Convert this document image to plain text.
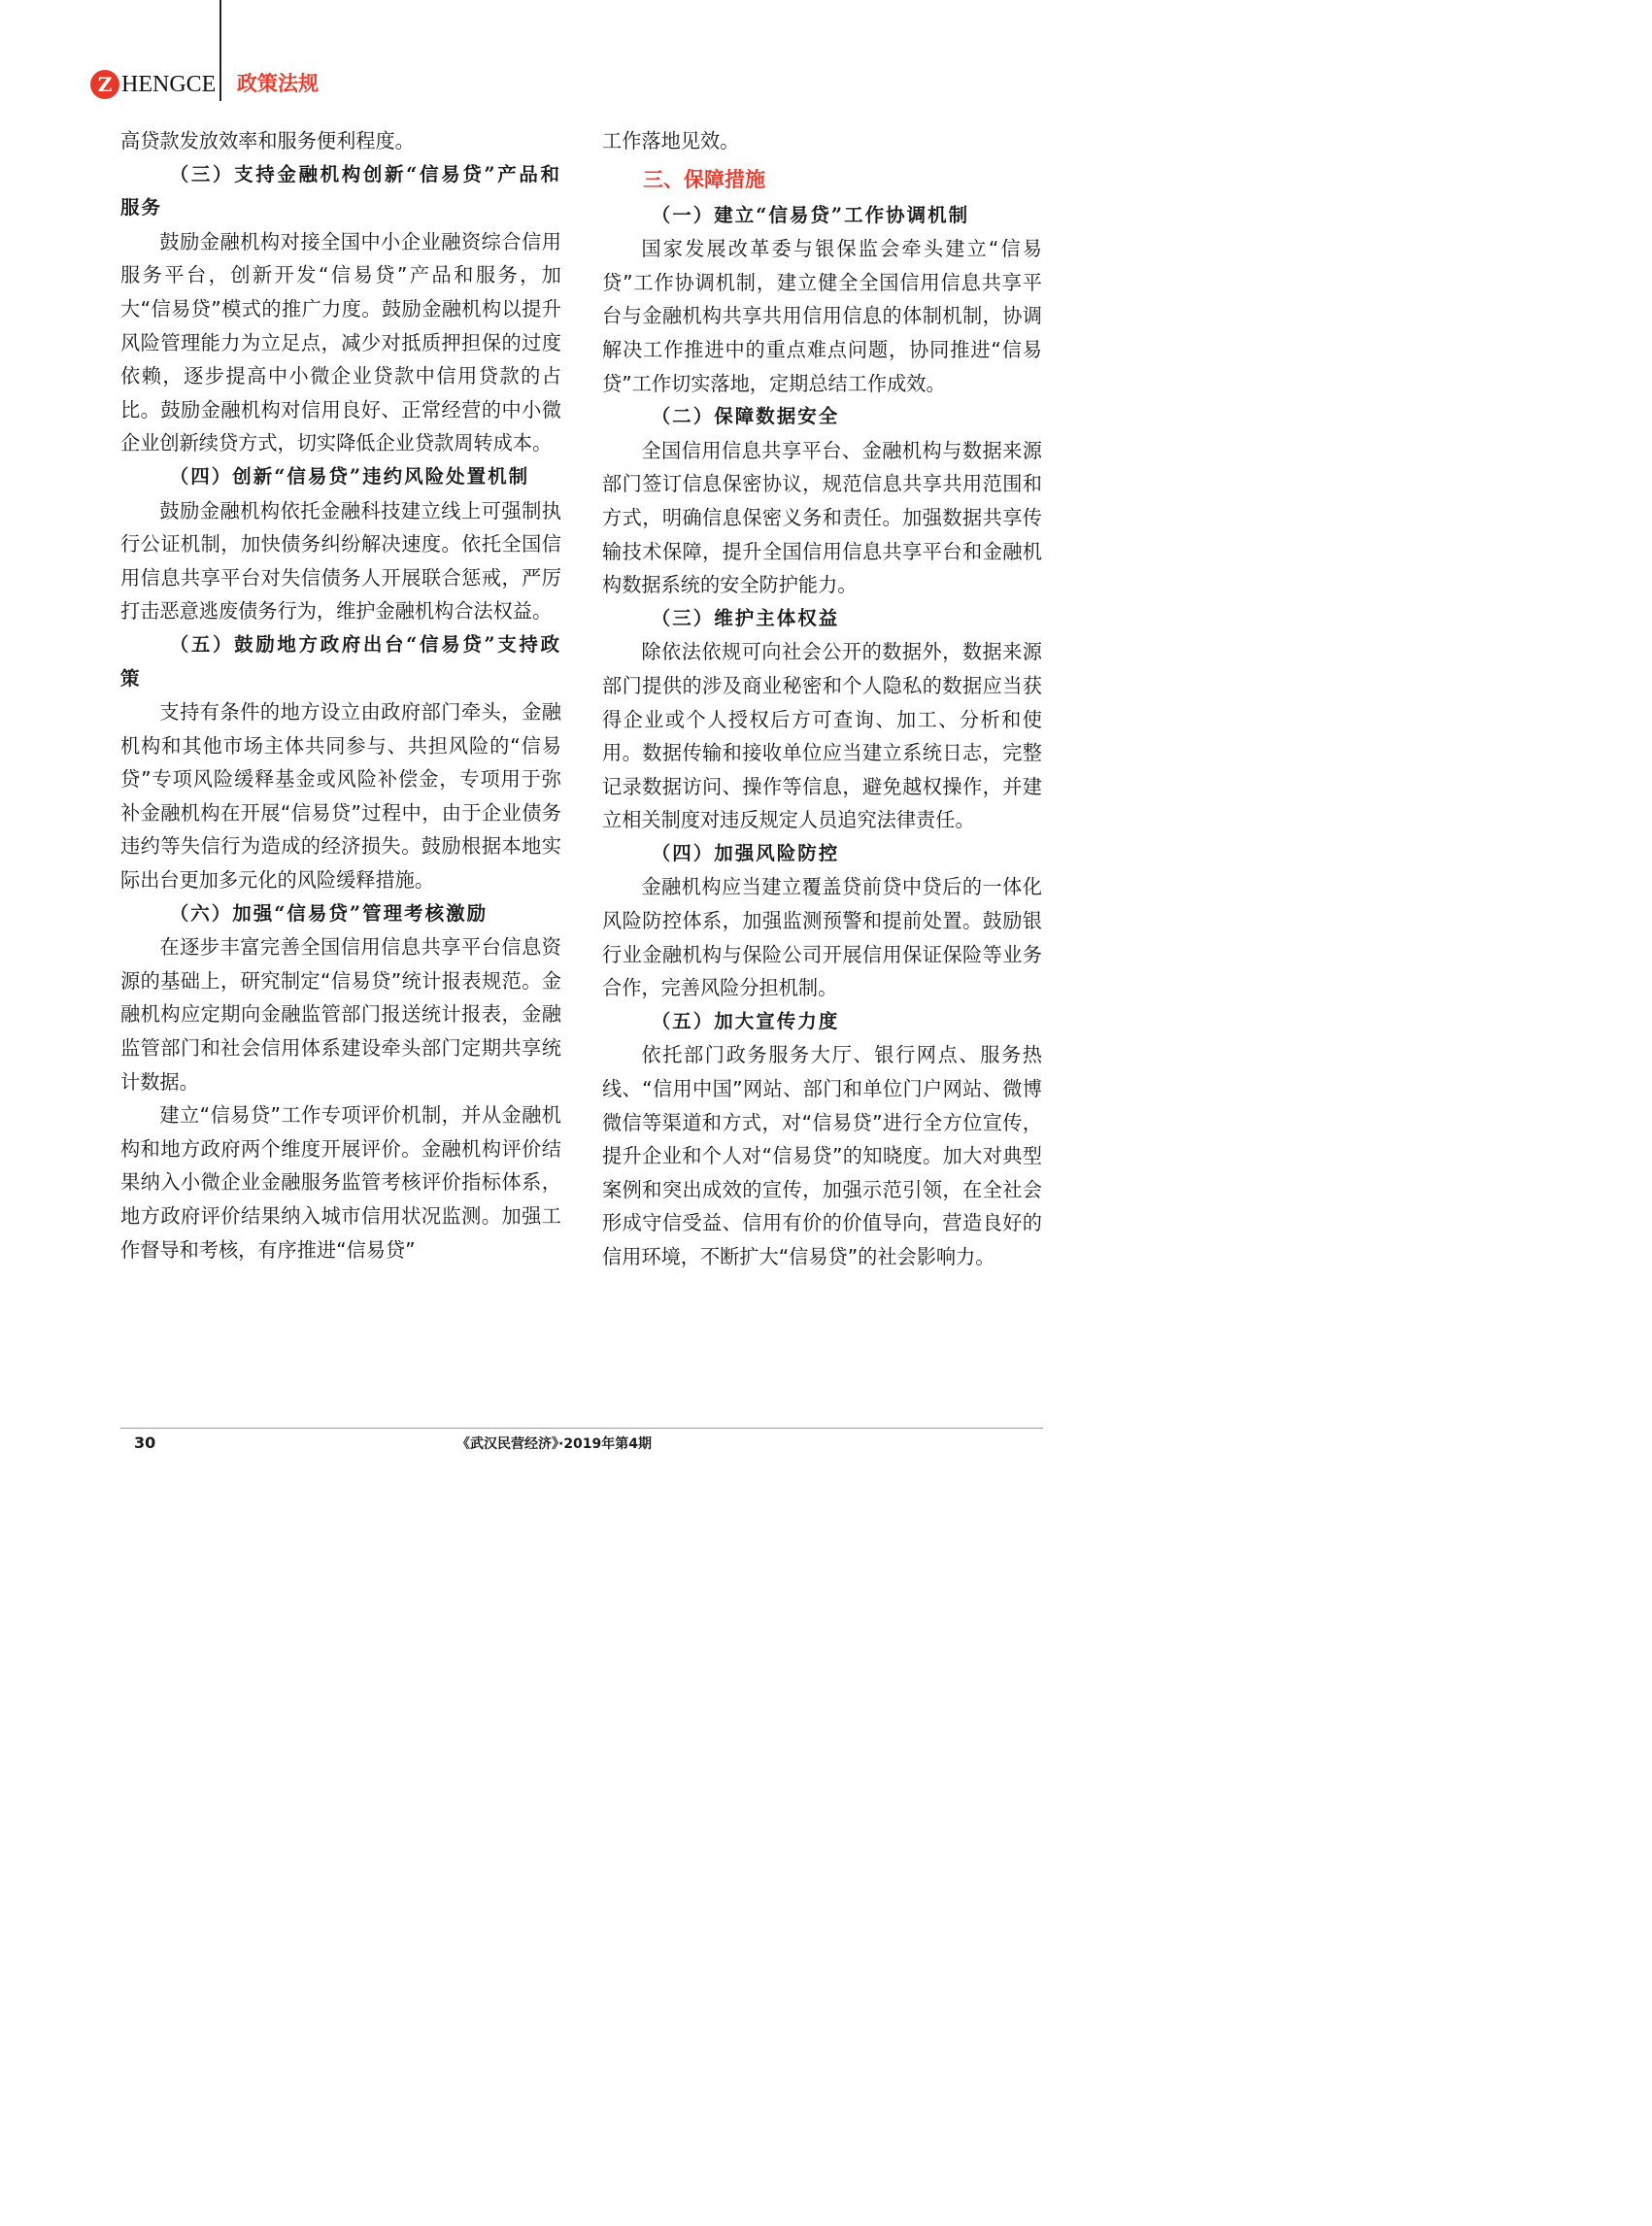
Z HENGCE 政策法规

高贷款发放效率和服务便利程度。

（三）支持金融机构创新“信易贷”产品和服务

鼓励金融机构对接全国中小企业融资综合信用服务平台，创新开发“信易贷”产品和服务，加大“信易贷”模式的推广力度。鼓励金融机构以提升风险管理能力为立足点，减少对抵质押担保的过度依赖，逐步提高中小微企业贷款中信用贷款的占比。鼓励金融机构对信用良好、正常经营的中小微企业创新续贷方式，切实降低企业贷款周转成本。

（四）创新“信易贷”违约风险处置机制

鼓励金融机构依托金融科技建立线上可强制执行公证机制，加快债务纠纷解决速度。依托全国信用信息共享平台对失信债务人开展联合惩戒，严厉打击恶意逃废债务行为，维护金融机构合法权益。

（五）鼓励地方政府出台“信易贷”支持政策

支持有条件的地方设立由政府部门牵头，金融机构和其他市场主体共同参与、共担风险的“信易贷”专项风险缓释基金或风险补偿金，专项用于弥补金融机构在开展“信易贷”过程中，由于企业债务违约等失信行为造成的经济损失。鼓励根据本地实际出台更加多元化的风险缓释措施。

（六）加强“信易贷”管理考核激励

在逐步丰富完善全国信用信息共享平台信息资源的基础上，研究制定“信易贷”统计报表规范。金融机构应定期向金融监管部门报送统计报表，金融监管部门和社会信用体系建设牵头部门定期共享统计数据。

建立“信易贷”工作专项评价机制，并从金融机构和地方政府两个维度开展评价。金融机构评价结果纳入小微企业金融服务监管考核评价指标体系，地方政府评价结果纳入城市信用状况监测。加强工作督导和考核，有序推进“信易贷”

工作落地见效。

三、保障措施
（一）建立“信易贷”工作协调机制

国家发展改革委与银保监会牵头建立“信易贷”工作协调机制，建立健全全国信用信息共享平台与金融机构共享共用信用信息的体制机制，协调解决工作推进中的重点难点问题，协同推进“信易贷”工作切实落地，定期总结工作成效。

（二）保障数据安全

全国信用信息共享平台、金融机构与数据来源部门签订信息保密协议，规范信息共享共用范围和方式，明确信息保密义务和责任。加强数据共享传输技术保障，提升全国信用信息共享平台和金融机构数据系统的安全防护能力。

（三）维护主体权益

除依法依规可向社会公开的数据外，数据来源部门提供的涉及商业秘密和个人隐私的数据应当获得企业或个人授权后方可查询、加工、分析和使用。数据传输和接收单位应当建立系统日志，完整记录数据访问、操作等信息，避免越权操作，并建立相关制度对违反规定人员追究法律责任。

（四）加强风险防控

金融机构应当建立覆盖贷前贷中贷后的一体化风险防控体系，加强监测预警和提前处置。鼓励银行业金融机构与保险公司开展信用保证保险等业务合作，完善风险分担机制。

（五）加大宣传力度

依托部门政务服务大厅、银行网点、服务热线、“信用中国”网站、部门和单位门户网站、微博微信等渠道和方式，对“信易贷”进行全方位宣传，提升企业和个人对“信易贷”的知晓度。加大对典型案例和突出成效的宣传，加强示范引领，在全社会形成守信受益、信用有价的价值导向，营造良好的信用环境，不断扩大“信易贷”的社会影响力。

30	《武汉民营经济》·2019年第4期
